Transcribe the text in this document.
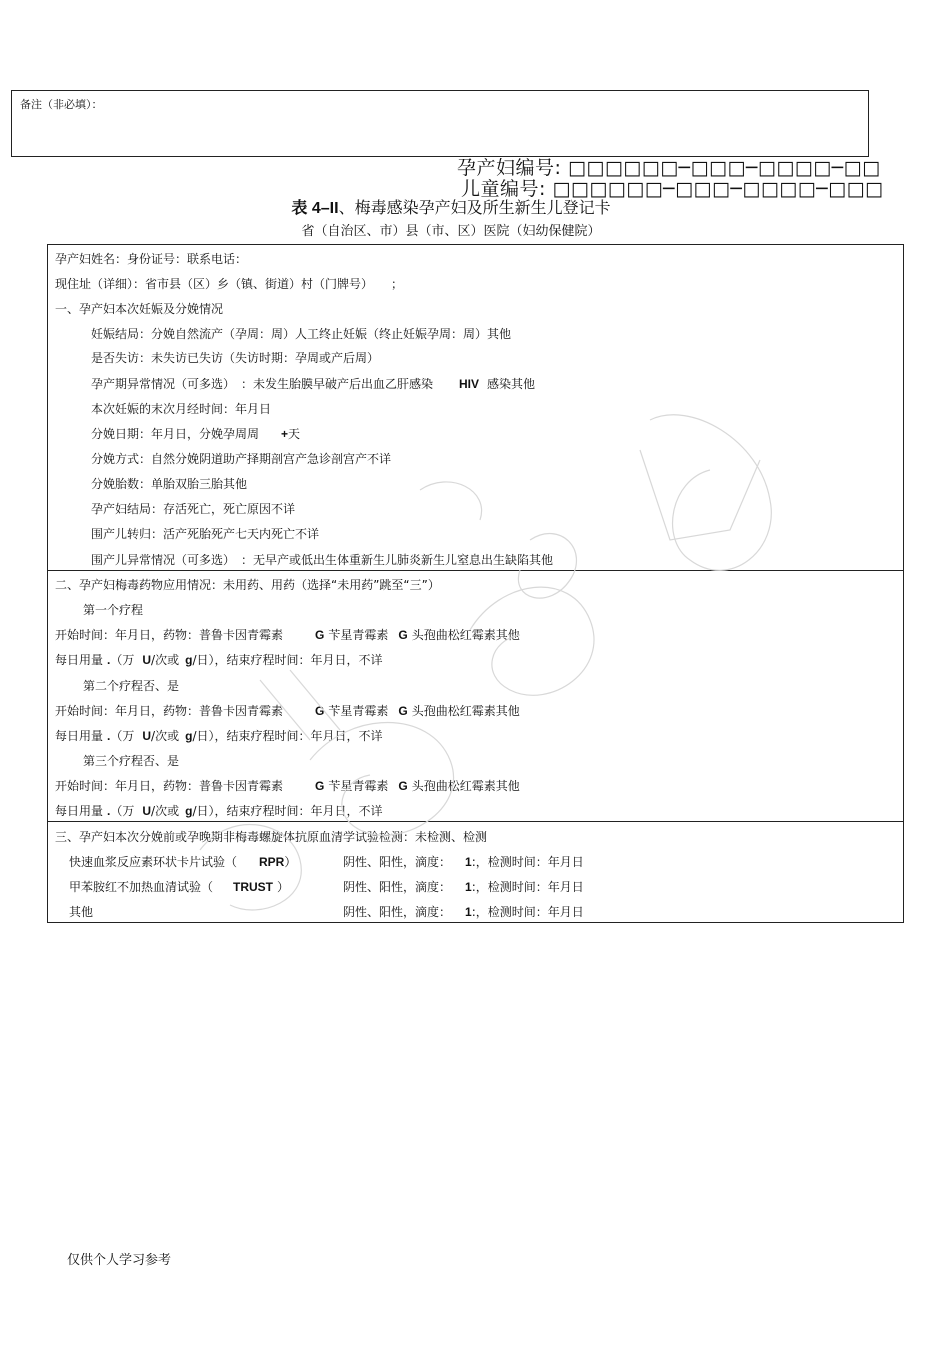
备注（非必填）：
孕产妇编号: □□□□□□─□□□─□□□□─□□
儿童编号: □□□□□□─□□□─□□□□─□□□
表 4–II、梅毒感染孕产妇及所生新生儿登记卡
省（自治区、市）县（市、区）医院（妇幼保健院）
孕产妇姓名：身份证号：联系电话：
现住址（详细）：省市县（区）乡（镇、街道）村（门牌号）　　；
一、孕产妇本次妊娠及分娩情况
妊娠结局：分娩自然流产（孕周：周）人工终止妊娠（终止妊娠孕周：周）其他
是否失访：未失访已失访（失访时期：孕周或产后周）
孕产期异常情况（可多选）　：未发生胎膜早破产后出血乙肝感染 HIV 感染其他
本次妊娠的末次月经时间：年月日
分娩日期：年月日，分娩孕周周 +天
分娩方式：自然分娩阴道助产择期剖宫产急诊剖宫产不详
分娩胎数：单胎双胎三胎其他
孕产妇结局：存活死亡，死亡原因不详
围产儿转归：活产死胎死产七天内死亡不详
围产儿异常情况（可多选）　：无早产或低出生体重新生儿肺炎新生儿窒息出生缺陷其他
二、孕产妇梅毒药物应用情况：未用药、用药（选择“未用药”跳至“三”）
第一个疗程
开始时间：年月日，药物：普鲁卡因青霉素	G 苄星青霉素 G 头孢曲松红霉素其他
每日用量 .（万 U/次或 g/日），结束疗程时间：年月日，不详
第二个疗程否、是
开始时间：年月日，药物：普鲁卡因青霉素	G 苄星青霉素 G 头孢曲松红霉素其他
每日用量 .（万 U/次或 g/日），结束疗程时间：年月日，不详
第三个疗程否、是
开始时间：年月日，药物：普鲁卡因青霉素	G 苄星青霉素 G 头孢曲松红霉素其他
每日用量 .（万 U/次或 g/日），结束疗程时间：年月日，不详
三、孕产妇本次分娩前或孕晚期非梅毒螺旋体抗原血清学试验检测：未检测、检测
快速血浆反应素环状卡片试验（ RPR）	阴性、阳性，滴度： 1:，检测时间：年月日
甲苯胺红不加热血清试验（ TRUST ）	阴性、阳性，滴度： 1:，检测时间：年月日
其他	阴性、阳性，滴度： 1:，检测时间：年月日
仅供个人学习参考
